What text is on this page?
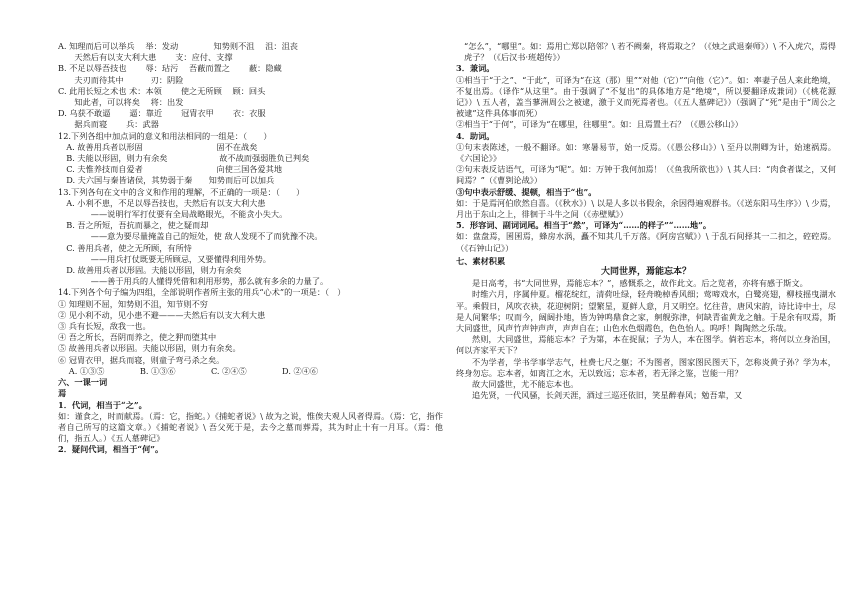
A. 知理而后可以举兵 　举：发动　　　　 知势则不沮　 沮：沮丧
　　天然后有以支大利大患　　 支：应付、支撑
B. 不足以辱吾技也　　 辱：玷污　 吾蔽而置之　　 蔽：隐藏
　　夫刃而待其中　　　 刃：阴险
C. 此用长短之术也 术：本领　　 使之无所顾　 顾：回头
　　知此者，可以将矣　 将：出发
D. 乌获不敢逼　　 逼：靠近　　 冠胄衣甲　　 衣：衣服
　　据兵而寝　　 兵：武器
12.下列各组中加点词的意义和用法相同的一组是：（　　）
　A. 故善用兵者以形固　　　　　　　　　固不在战矣
　B. 夫能以形固，则力有余矣　　　　　　 故不战而强弱胜负已判矣
　C. 夫惟养技而自爱者　　　　　　　　　向使三国各爱其地
　D. 夫六国与秦皆诸侯，其势弱于秦　　知势而后可以加兵
13.下列各句在文中的含义和作用的理解，不正确的一项是：（　　）
　A. 小利不患，不足以辱吾技也，夫然后有以支大利大患
　　　　——说明行军打仗要有全局战略眼光，不能贪小失大。
　B. 吾之所短，吾抗而暴之，使之疑而却
　　　　——意为要尽量掩盖自己的短处，使 敌人发现不了而犹豫不决。
　C. 善用兵者，使之无所顾，有所恃
　　　　——用兵打仗既要无所顾忌，又要懂得利用外势。
　D. 故善用兵者以形固。夫能以形固，则力有余矣
　　　　——善于用兵的人懂得凭借和利用形势，那么就有多余的力量了。
14.下列各个句子编为四组，全部说明作者所主张的用兵“心术”的一项是：（　）
① 知理则不屈，知势则不沮，知节则不穷
② 见小利不动，见小患不避———夫然后有以支大利大患
③ 兵有长短，敌我一也。
④ 吾之所长，吾阴而养之，使之狎而堕其中
⑤ 故善用兵者以形固。夫能以形固，则力有余矣。
⑥ 冠胄衣甲，据兵而寝，则童子弯弓杀之矣。
　 A. ①③⑤　　　　 B. ①③⑥　　　　 C. ②④⑤　　　　 D. ②④⑥
六、一课一词
焉
1．代词，相当于“之”。
如：谨食之，时而献焉。（焉：它，指蛇。）《捕蛇者说》\ 故为之说，惟俟夫观人风者得焉。（焉：它，指作者自己所写的这篇文章。）《捕蛇者说》\ 吾父死于是，去今之墓而葬焉，其为时止十有一月耳。（焉：他们，指五人。）《五人墓碑记》
2．疑问代词，相当于“何”。
“怎么”，“哪里”。如：焉用亡郑以陪邻？\ 若不阙秦，将焉取之？（《烛之武退秦师》）\ 不入虎穴，焉得虎子？（《后汉书·班超传》）
3．兼词。
①相当于“于之”、“于此”，可译为“在这（那）里”“对他（它）”“向他（它）”。如：率妻子邑人来此绝境，不复出焉。（译作“从这里”。由于强调了“不复出”的具体地方是“绝境”，所以要翻译成兼词）（《桃花源记》）\ 五人者，盖当蓼洲周公之被逮，激于义而死焉者也。（《五人墓碑记》）（强调了“死”是由于“周公之被逮”这件具体事而死）
②相当于“于何”，可译为“在哪里，往哪里”。如：且焉置土石？（《愚公移山》）
4．助词。
①句末表陈述，一般不翻译。如：寒暑易节，始一反焉。（《愚公移山》）\ 至丹以荆卿为计，始速祸焉。《六国论》》
②句末表反诘语气，可译为“呢”。如：万钟于我何加焉！（《鱼我所欲也》）\ 其人曰：“肉食者谋之，又何间焉？”（《曹刿论战》）
③句中表示舒缓、提顿，相当于“也”。
如：于是焉河伯欣然自喜。（《秋水》）\ 以是人多以书假余，余因得遍观群书。（《送东阳马生序》）\ 少焉，月出于东山之上，徘徊于斗牛之间（《赤壁赋》）
5．形容词、副词词尾。相当于“然”，可译为“……的样子”“……地”。
如：盘盘焉，囷囷焉，蜂房水涡，矗不知其几千万落。《阿房宫赋》）\ 于乱石间择其一二扣之，硿硿焉。（《石钟山记》）
七、素材积累
大同世界，焉能忘本？
是日高考，书“大同世界，焉能忘本？”，感慨系之，故作此文。后之览者，亦将有感于斯文。
时维六月，序属仲夏。榴花绽红，清荷吐绿，轻舟晚棹香风细；莺啼戏水，白鹭亮翅，柳枝摇曳湖水平。乘假日，风吹衣袂，花迎树阴；望繁星，夏鲜人意，月又明空。忆往昔，唐风宋韵，诗比诗中士，尽是人间繁华；叹而今，阔阔扑地，皆为钟鸣鼎食之家，舸舰弥津，何缺青雀黄龙之舳。于是余有叹焉，斯大同盛世，风声竹声钟声声，声声自在；山色水色烟霞色，色色怡人。呜呼！陶陶然之乐哉。
然则，大同盛世，焉能忘本？子为第，本在捉鼠；子为人，本在图学。倘若忘本，将何以立身治国，何以齐家平天下？
不为学者，学书学事学志气，杜费七尺之躯；不为图者，图家图民图天下，怎称炎黄子孙？学为本，终身勿忘。忘本者，如离江之水，无以致远；忘本者，若无泽之鉴，岂能一用？
故大同盛世，尤不能忘本也。
追先贤，一代风骚，长剑天涯，酒过三巡还依旧，笑星醉春风；勉吾辈，又
